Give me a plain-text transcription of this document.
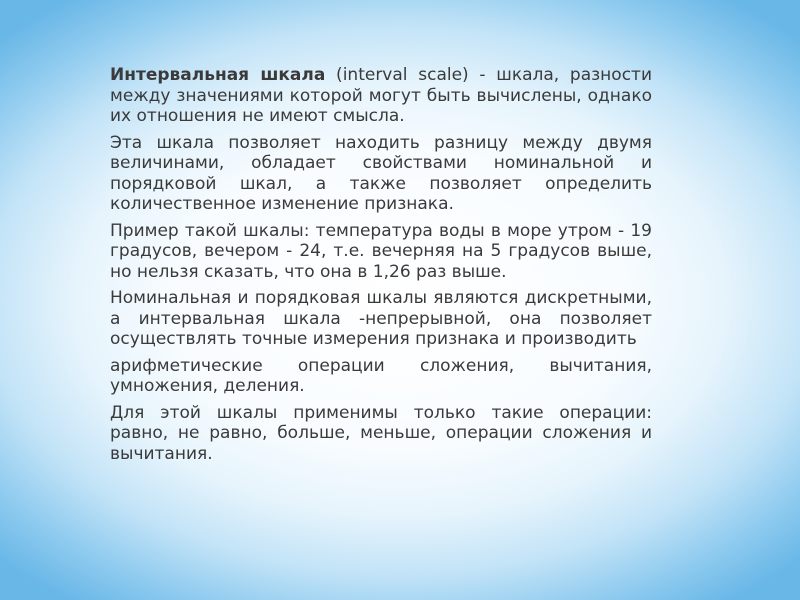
Интервальная шкала (interval scale) - шкала, разности между значениями которой могут быть вычислены, однако их отношения не имеют смысла.

Эта шкала позволяет находить разницу между двумя величинами, обладает свойствами номинальной и порядковой шкал, а также позволяет определить количественное изменение признака.

Пример такой шкалы: температура воды в море утром - 19 градусов, вечером - 24, т.е. вечерняя на 5 градусов выше, но нельзя сказать, что она в 1,26 раз выше.

Номинальная и порядковая шкалы являются дискретными, а интервальная шкала -непрерывной, она позволяет осуществлять точные измерения признака и производить

арифметические операции сложения, вычитания, умножения, деления.

Для этой шкалы применимы только такие операции: равно, не равно, больше, меньше, операции сложения и вычитания.
